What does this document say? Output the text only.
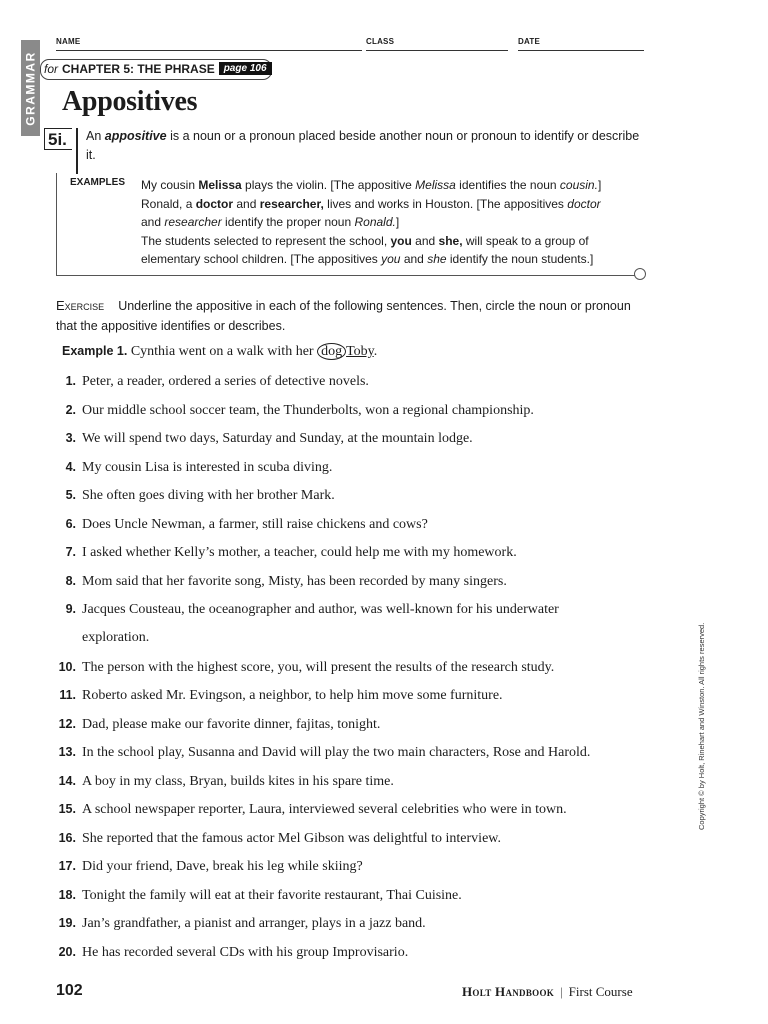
NAME	CLASS	DATE
GRAMMAR for CHAPTER 5: THE PHRASE page 106
Appositives
5i.	An appositive is a noun or a pronoun placed beside another noun or pronoun to identify or describe it.
EXAMPLES My cousin Melissa plays the violin. [The appositive Melissa identifies the noun cousin.]
Ronald, a doctor and researcher, lives and works in Houston. [The appositives doctor
and researcher identify the proper noun Ronald.]
The students selected to represent the school, you and she, will speak to a group of
elementary school children. [The appositives you and she identify the noun students.]
Exercise Underline the appositive in each of the following sentences. Then, circle the noun or pronoun that the appositive identifies or describes.
Example 1. Cynthia went on a walk with her dog Toby.
1. Peter, a reader, ordered a series of detective novels.
2. Our middle school soccer team, the Thunderbolts, won a regional championship.
3. We will spend two days, Saturday and Sunday, at the mountain lodge.
4. My cousin Lisa is interested in scuba diving.
5. She often goes diving with her brother Mark.
6. Does Uncle Newman, a farmer, still raise chickens and cows?
7. I asked whether Kelly’s mother, a teacher, could help me with my homework.
8. Mom said that her favorite song, Misty, has been recorded by many singers.
9. Jacques Cousteau, the oceanographer and author, was well-known for his underwater
exploration.
10. The person with the highest score, you, will present the results of the research study.
11. Roberto asked Mr. Evingson, a neighbor, to help him move some furniture.
12. Dad, please make our favorite dinner, fajitas, tonight.
13. In the school play, Susanna and David will play the two main characters, Rose and Harold.
14. A boy in my class, Bryan, builds kites in his spare time.
15. A school newspaper reporter, Laura, interviewed several celebrities who were in town.
16. She reported that the famous actor Mel Gibson was delightful to interview.
17. Did your friend, Dave, break his leg while skiing?
18. Tonight the family will eat at their favorite restaurant, Thai Cuisine.
19. Jan’s grandfather, a pianist and arranger, plays in a jazz band.
20. He has recorded several CDs with his group Improvisario.
Copyright © by Holt, Rinehart and Winston. All rights reserved.
102	Holt Handbook | First Course
